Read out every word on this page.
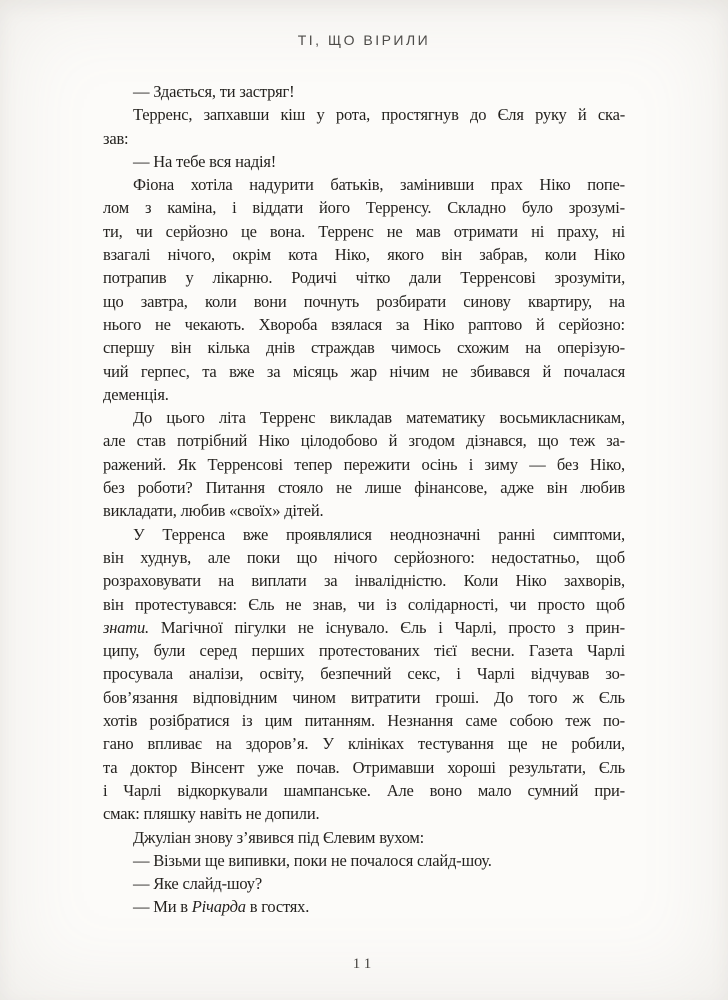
ТІ, ЩО ВІРИЛИ
— Здається, ти застряг!
Терренс, запхавши кіш у рота, простягнув до Єля руку й ска-
зав:
— На тебе вся надія!
Фіона хотіла надурити батьків, замінивши прах Ніко попе-
лом з каміна, і віддати його Терренсу. Складно було зрозумі-
ти, чи серйозно це вона. Терренс не мав отримати ні праху, ні
взагалі нічого, окрім кота Ніко, якого він забрав, коли Ніко
потрапив у лікарню. Родичі чітко дали Терренсові зрозуміти,
що завтра, коли вони почнуть розбирати синову квартиру, на
нього не чекають. Хвороба взялася за Ніко раптово й серйозно:
спершу він кілька днів страждав чимось схожим на оперізую-
чий герпес, та вже за місяць жар нічим не збивався й почалася
деменція.
До цього літа Терренс викладав математику восьмикласникам,
але став потрібний Ніко цілодобово й згодом дізнався, що теж за-
ражений. Як Терренсові тепер пережити осінь і зиму — без Ніко,
без роботи? Питання стояло не лише фінансове, адже він любив
викладати, любив «своїх» дітей.
У Терренса вже проявлялися неоднозначні ранні симптоми,
він худнув, але поки що нічого серйозного: недостатньо, щоб
розраховувати на виплати за інвалідністю. Коли Ніко захворів,
він протестувався: Єль не знав, чи із солідарності, чи просто щоб
знати. Магічної пігулки не існувало. Єль і Чарлі, просто з прин-
ципу, були серед перших протестованих тієї весни. Газета Чарлі
просувала аналізи, освіту, безпечний секс, і Чарлі відчував зо-
бов’язання відповідним чином витратити гроші. До того ж Єль
хотів розібратися із цим питанням. Незнання саме собою теж по-
гано впливає на здоров’я. У клініках тестування ще не робили,
та доктор Вінсент уже почав. Отримавши хороші результати, Єль
і Чарлі відкоркували шампанське. Але воно мало сумний при-
смак: пляшку навіть не допили.
Джуліан знову з’явився під Єлевим вухом:
— Візьми ще випивки, поки не почалося слайд-шоу.
— Яке слайд-шоу?
— Ми в Річарда в гостях.
11
